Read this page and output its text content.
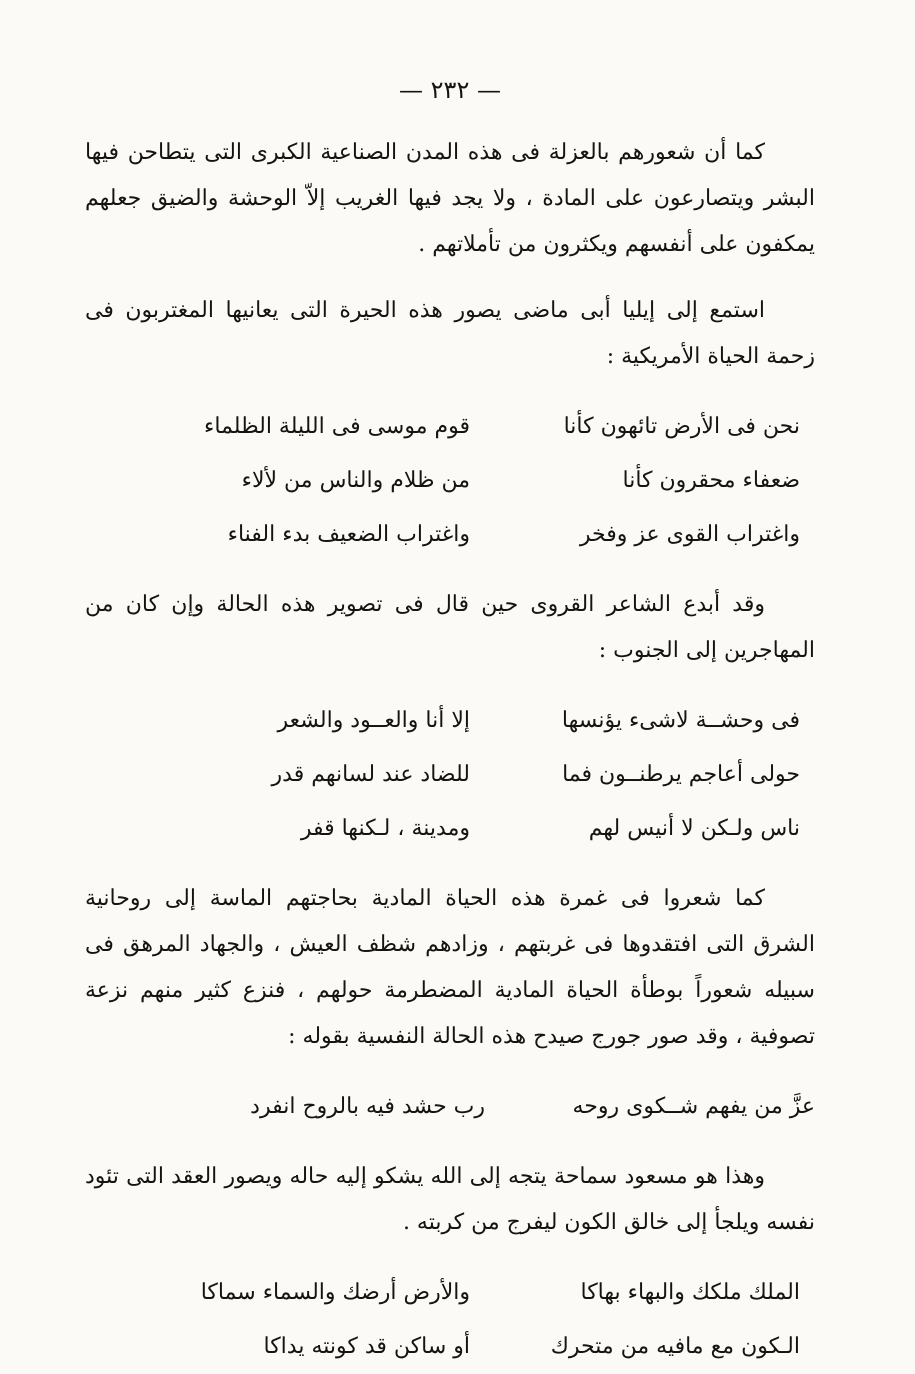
— ٢٣٢ —

كما أن شعورهم بالعزلة فى هذه المدن الصناعية الكبرى التى يتطاحن فيها البشر ويتصارعون على المادة ، ولا يجد فيها الغريب إلاّ الوحشة والضيق جعلهم يمكفون على أنفسهم ويكثرون من تأملاتهم .

استمع إلى إيليا أبى ماضى يصور هذه الحيرة التى يعانيها المغتربون فى زحمة الحياة الأمريكية :

نحن فى الأرض تائهون كأنا
قوم موسى فى الليلة الظلماء
ضعفاء محقرون كأنا
من ظلام والناس من لألاء
واغتراب القوى عز وفخر
واغتراب الضعيف بدء الفناء

وقد أبدع الشاعر القروى حين قال فى تصوير هذه الحالة وإن كان من المهاجرين إلى الجنوب :

فى وحشــة لاشىء يؤنسها
إلا أنا والعــود والشعر
حولى أعاجم يرطنــون فما
للضاد عند لسانهم قدر
ناس ولـكن لا أنيس لهم
ومدينة ، لـكنها قفر

كما شعروا فى غمرة هذه الحياة المادية بحاجتهم الماسة إلى روحانية الشرق التى افتقدوها فى غربتهم ، وزادهم شظف العيش ، والجهاد المرهق فى سبيله شعوراً بوطأة الحياة المادية المضطرمة حولهم ، فنزع كثير منهم نزعة تصوفية ، وقد صور جورج صيدح هذه الحالة النفسية بقوله :

عزَّ من يفهم شــكوى روحه
رب حشد فيه بالروح انفرد

وهذا هو مسعود سماحة يتجه إلى الله يشكو إليه حاله ويصور العقد التى تئود نفسه ويلجأ إلى خالق الكون ليفرج من كربته .

الملك ملكك والبهاء بهاكا
والأرض أرضك والسماء سماكا
الـكون مع مافيه من متحرك
أو ساكن قد كونته يداكا
